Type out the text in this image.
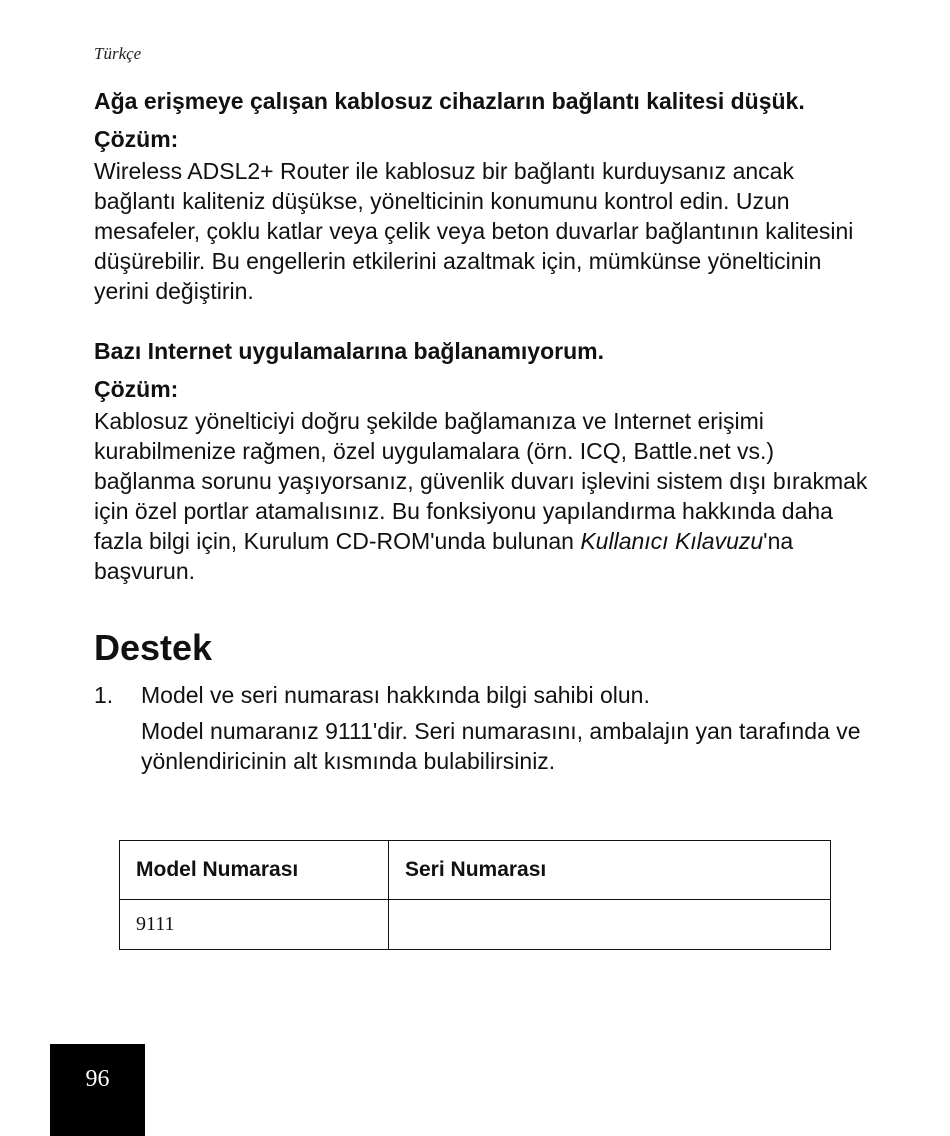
Türkçe

Ağa erişmeye çalışan kablosuz cihazların bağlantı kalitesi düşük.

Çözüm:

Wireless ADSL2+ Router ile kablosuz bir bağlantı kurduysanız ancak bağlantı kaliteniz düşükse, yönelticinin konumunu kontrol edin. Uzun mesafeler, çoklu katlar veya çelik veya beton duvarlar bağlantının kalitesini düşürebilir. Bu engellerin etkilerini azaltmak için, mümkünse yönelticinin yerini değiştirin.

Bazı Internet uygulamalarına bağlanamıyorum.

Çözüm:

Kablosuz yönelticiyi doğru şekilde bağlamanıza ve Internet erişimi kurabilmenize rağmen, özel uygulamalara (örn. ICQ, Battle.net vs.) bağlanma sorunu yaşıyorsanız, güvenlik duvarı işlevini sistem dışı bırakmak için özel portlar atamalısınız. Bu fonksiyonu yapılandırma hakkında daha fazla bilgi için, Kurulum CD-ROM'unda bulunan Kullanıcı Kılavuzu'na başvurun.

Destek
1. Model ve seri numarası hakkında bilgi sahibi olun.

Model numaranız 9111'dir. Seri numarasını, ambalajın yan tarafında ve yönlendiricinin alt kısmında bulabilirsiniz.

Model Numarası	Seri Numarası
9111	
96
